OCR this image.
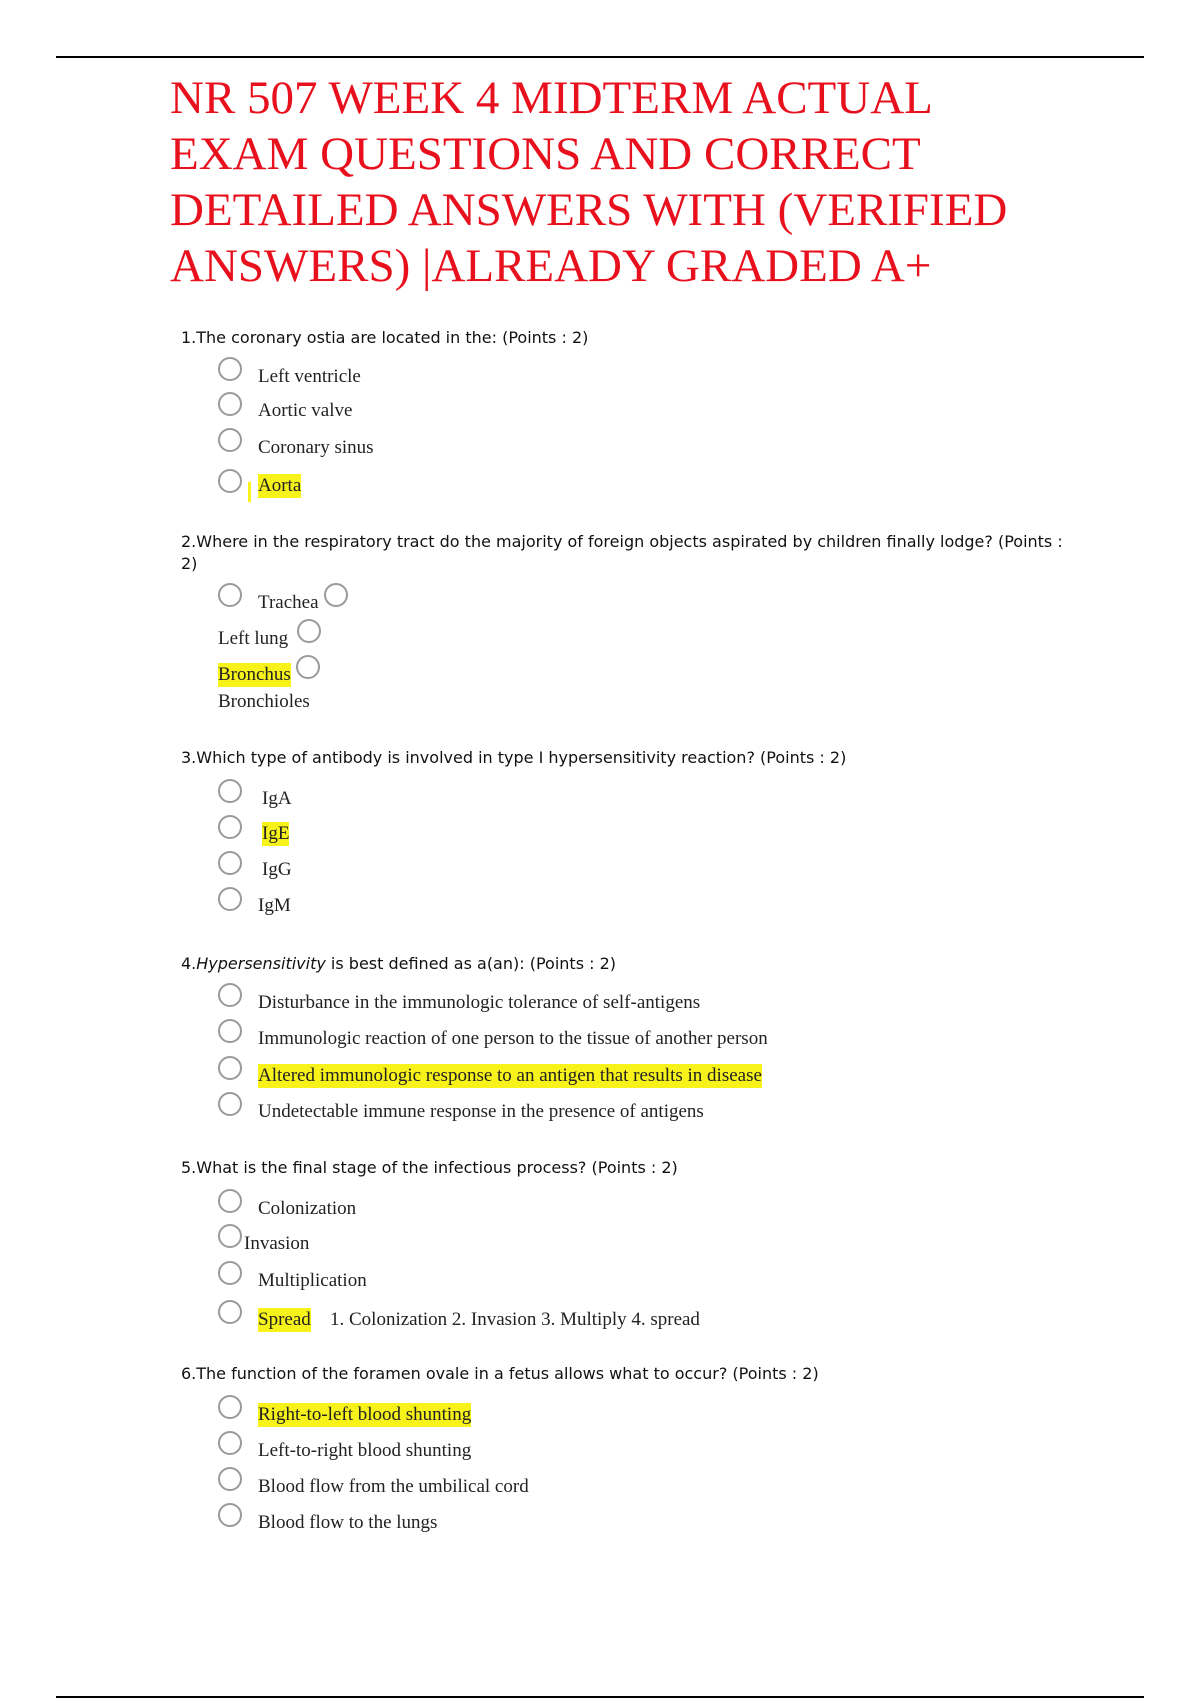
NR 507 WEEK 4 MIDTERM ACTUAL EXAM QUESTIONS AND CORRECT DETAILED ANSWERS WITH (VERIFIED ANSWERS) |ALREADY GRADED A+
1.The coronary ostia are located in the: (Points : 2)
Left ventricle
Aortic valve
Coronary sinus
Aorta
2.Where in the respiratory tract do the majority of foreign objects aspirated by children finally lodge? (Points : 2)
Trachea
Left lung
Bronchus
Bronchioles
3.Which type of antibody is involved in type I hypersensitivity reaction? (Points : 2)
IgA
IgE
IgG
IgM
4.Hypersensitivity is best defined as a(an): (Points : 2)
Disturbance in the immunologic tolerance of self-antigens
Immunologic reaction of one person to the tissue of another person
Altered immunologic response to an antigen that results in disease
Undetectable immune response in the presence of antigens
5.What is the final stage of the infectious process? (Points : 2)
Colonization
Invasion
Multiplication
Spread 1. Colonization 2. Invasion 3. Multiply 4. spread
6.The function of the foramen ovale in a fetus allows what to occur? (Points : 2)
Right-to-left blood shunting
Left-to-right blood shunting
Blood flow from the umbilical cord
Blood flow to the lungs
